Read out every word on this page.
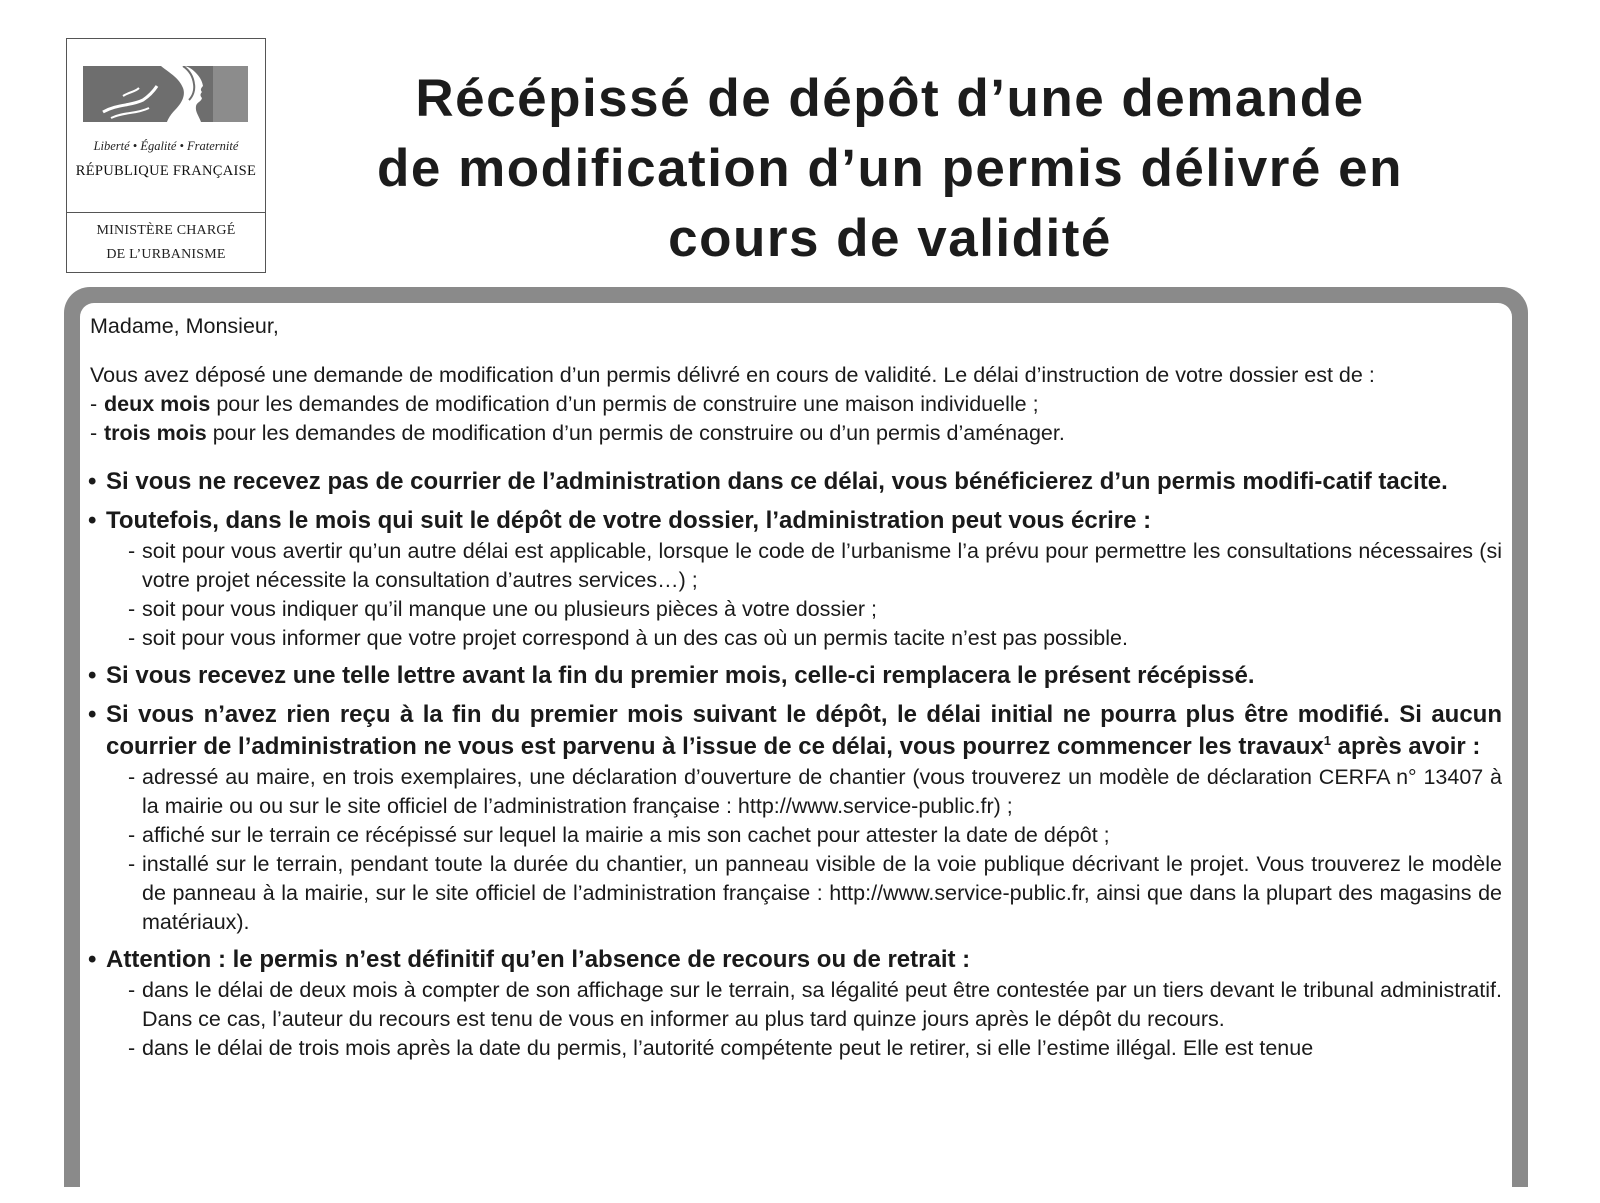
Liberté • Égalité • Fraternité
RÉPUBLIQUE FRANÇAISE
MINISTÈRE CHARGÉ
DE L’URBANISME
Récépissé de dépôt d’une demande
de modification d’un permis délivré en
cours de validité

Madame, Monsieur,

Vous avez déposé une demande de modification d’un permis délivré en cours de validité. Le délai d’instruction de votre dossier est de :

- deux mois pour les demandes de modification d’un permis de construire une maison individuelle ;

- trois mois pour les demandes de modification d’un permis de construire ou d’un permis d’aménager.

• Si vous ne recevez pas de courrier de l’administration dans ce délai, vous bénéficierez d’un permis modifi-catif tacite.

• Toutefois, dans le mois qui suit le dépôt de votre dossier, l’administration peut vous écrire :

- soit pour vous avertir qu’un autre délai est applicable, lorsque le code de l’urbanisme l’a prévu pour permettre les consultations nécessaires (si votre projet nécessite la consultation d’autres services…) ;
- soit pour vous indiquer qu’il manque une ou plusieurs pièces à votre dossier ;
- soit pour vous informer que votre projet correspond à un des cas où un permis tacite n’est pas possible.

• Si vous recevez une telle lettre avant la fin du premier mois, celle-ci remplacera le présent récépissé.

• Si vous n’avez rien reçu à la fin du premier mois suivant le dépôt, le délai initial ne pourra plus être modifié. Si aucun courrier de l’administration ne vous est parvenu à l’issue de ce délai, vous pourrez commencer les travaux$^1$ après avoir :

- adressé au maire, en trois exemplaires, une déclaration d’ouverture de chantier (vous trouverez un modèle de déclaration CERFA n° 13407 à la mairie ou ou sur le site officiel de l’administration française : http://www.service-public.fr) ;
- affiché sur le terrain ce récépissé sur lequel la mairie a mis son cachet pour attester la date de dépôt ;
- installé sur le terrain, pendant toute la durée du chantier, un panneau visible de la voie publique décrivant le projet. Vous trouverez le modèle de panneau à la mairie, sur le site officiel de l’administration française : http://www.service-public.fr, ainsi que dans la plupart des magasins de matériaux).

• Attention : le permis n’est définitif qu’en l’absence de recours ou de retrait :

- dans le délai de deux mois à compter de son affichage sur le terrain, sa légalité peut être contestée par un tiers devant le tribunal administratif. Dans ce cas, l’auteur du recours est tenu de vous en informer au plus tard quinze jours après le dépôt du recours.
- dans le délai de trois mois après la date du permis, l’autorité compétente peut le retirer, si elle l’estime illégal. Elle est tenue
